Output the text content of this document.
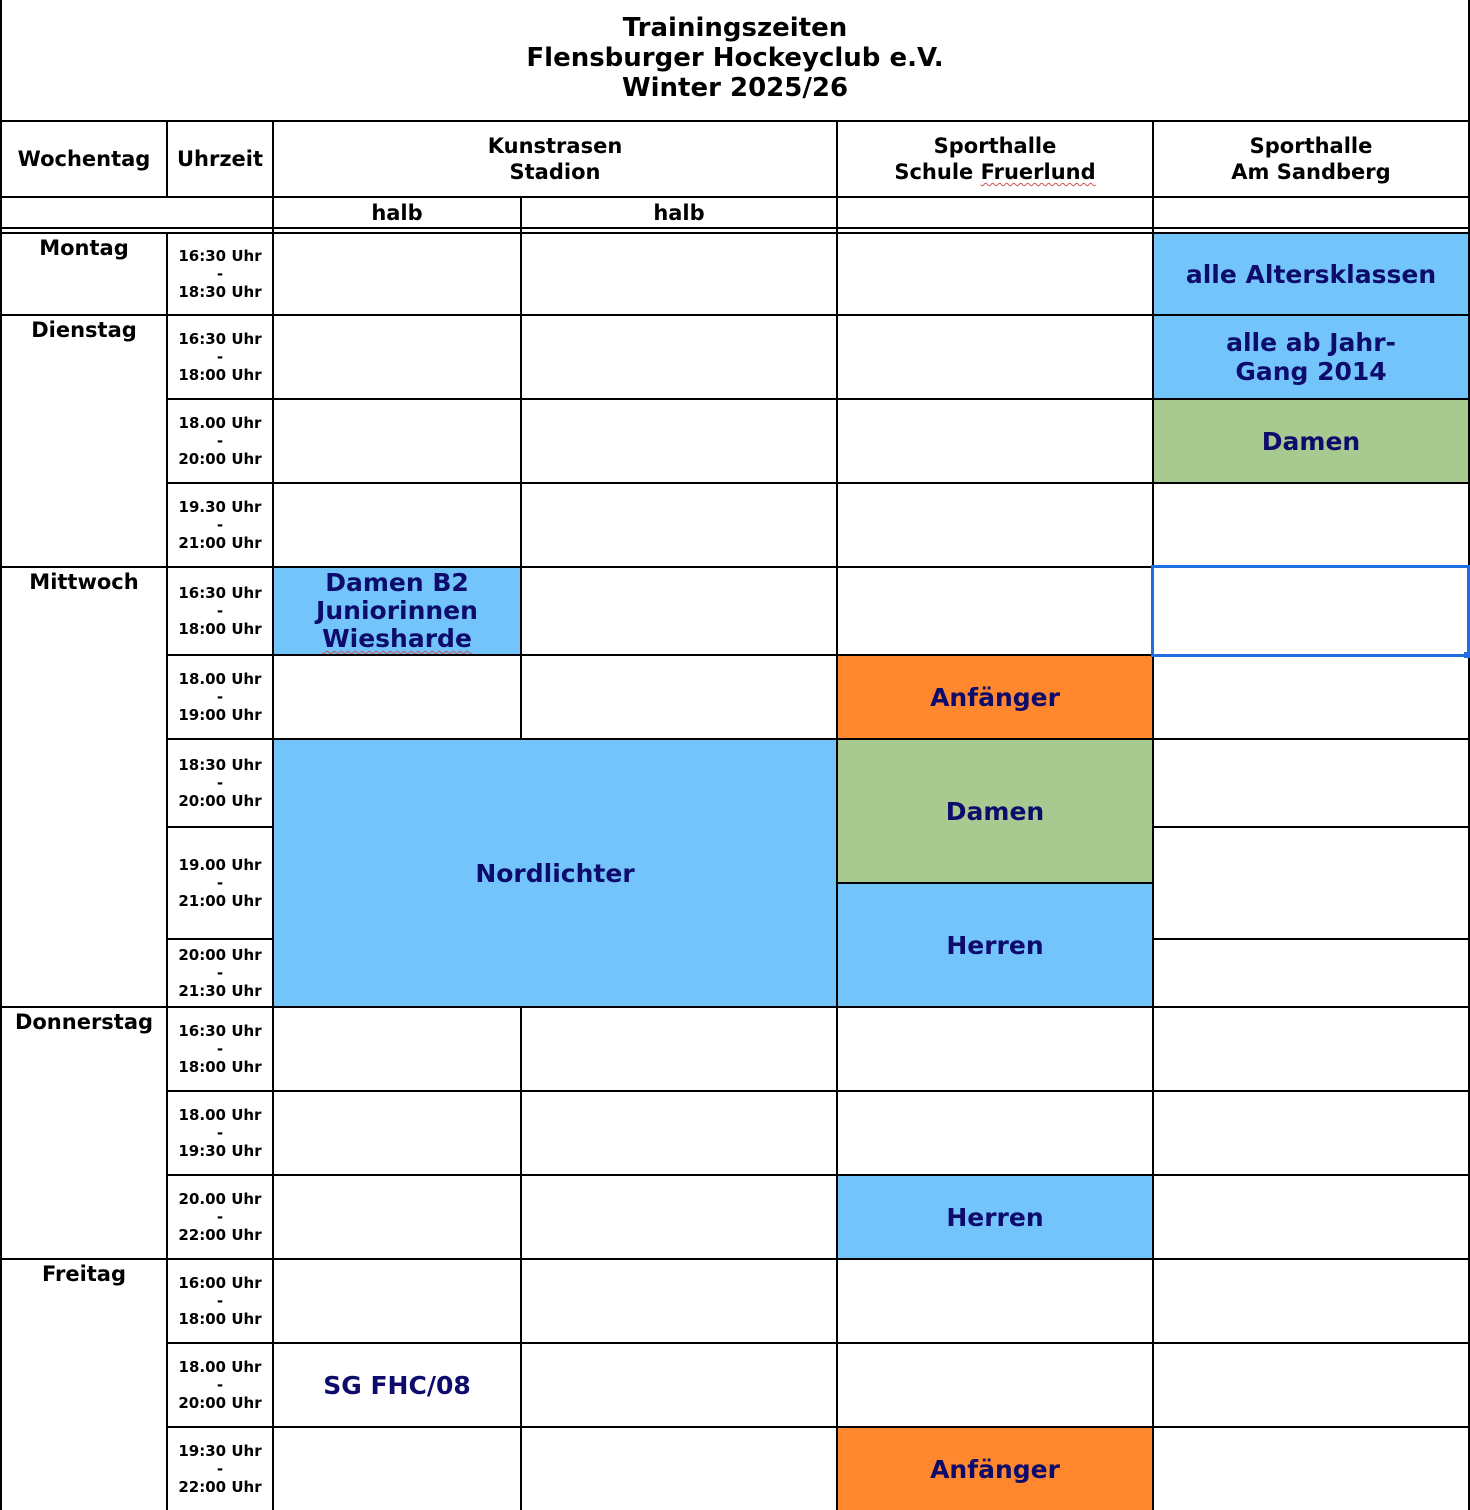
Trainingszeiten
Flensburger Hockeyclub e.V.
Winter 2025/26
alle Altersklassen
alle ab Jahr-
Gang 2014
Damen
Damen B2
Juniorinnen
Wiesharde
Anfänger
Nordlichter
Damen
Herren
Herren
SG FHC/08
Anfänger
Wochentag Uhrzeit
Kunstrasen
Stadion
Sporthalle
Schule Fruerlund
Sporthalle
Am Sandberg
halb	halb
Montag
Dienstag
Mittwoch
Donnerstag
Freitag
16:30 Uhr
-
18:30 Uhr
16:30 Uhr
-
18:00 Uhr
18.00 Uhr
-
20:00 Uhr
19.30 Uhr
-
21:00 Uhr
16:30 Uhr
-
18:00 Uhr
18.00 Uhr
-
19:00 Uhr
18:30 Uhr
-
20:00 Uhr
19.00 Uhr
-
21:00 Uhr
20:00 Uhr
-
21:30 Uhr
16:30 Uhr
-
18:00 Uhr
18.00 Uhr
-
19:30 Uhr
20.00 Uhr
-
22:00 Uhr
16:00 Uhr
-
18:00 Uhr
18.00 Uhr
-
20:00 Uhr
19:30 Uhr
-
22:00 Uhr
